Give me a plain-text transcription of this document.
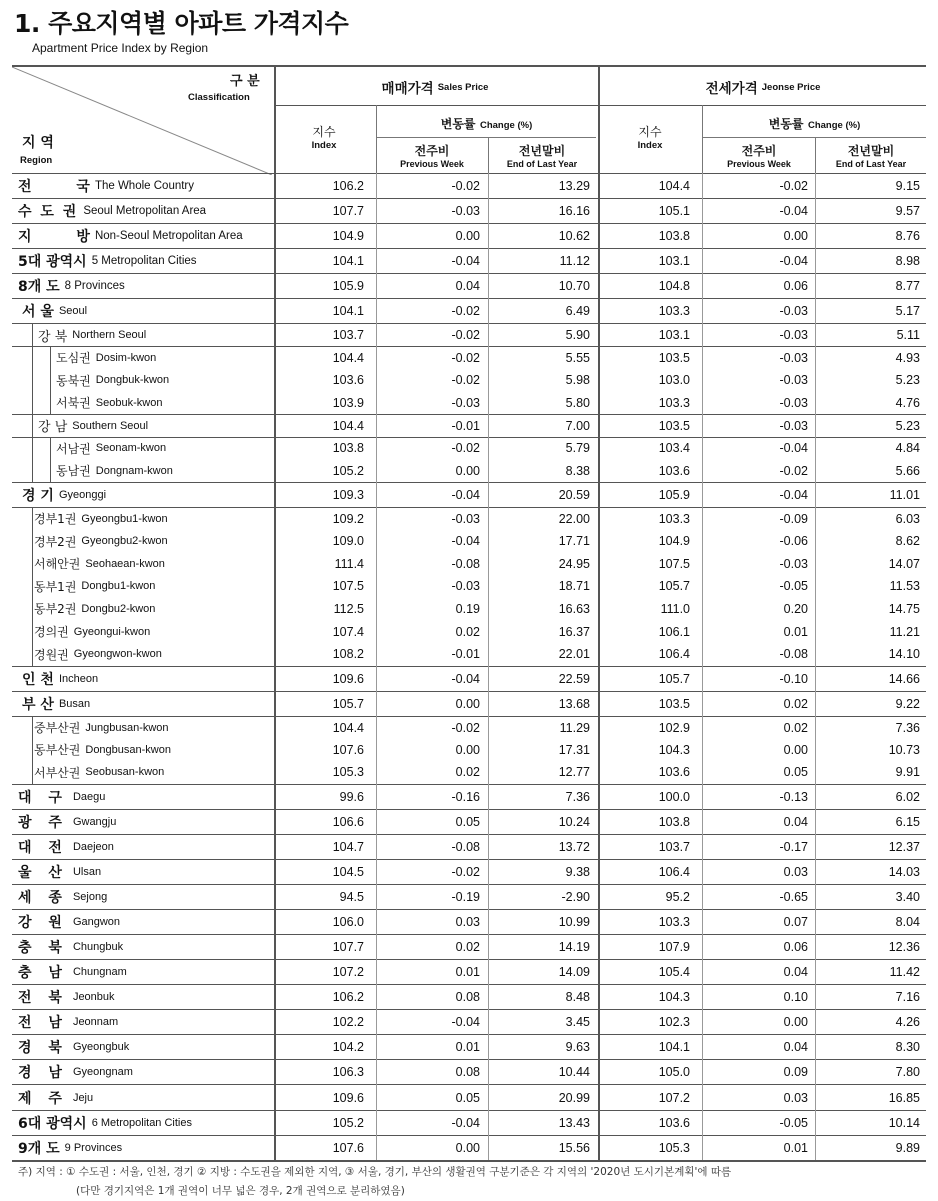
1. 주요지역별 아파트 가격지수
Apartment Price Index by Region
구 분
Classification
지 역
Region
매매가격 Sales Price	전세가격 Jeonse Price
지수
Index
변동률 Change (%)
전주비
Previous Week
전년말비
End of Last Year
지수
Index
변동률 Change (%)
전주비
Previous Week
전년말비
End of Last Year
전 국 The Whole Country	106.2	-0.02	13.29	104.4	-0.02	9.15
수 도 권 Seoul Metropolitan Area	107.7	-0.03	16.16	105.1	-0.04	9.57
지 방 Non-Seoul Metropolitan Area	104.9	0.00	10.62	103.8	0.00	8.76
5대 광역시 5 Metropolitan Cities	104.1	-0.04	11.12	103.1	-0.04	8.98
8개 도 8 Provinces	105.9	0.04	10.70	104.8	0.06	8.77
서 울 Seoul	104.1	-0.02	6.49	103.3	-0.03	5.17
강 북 Northern Seoul	103.7	-0.02	5.90	103.1	-0.03	5.11
도심권 Dosim-kwon	104.4	-0.02	5.55	103.5	-0.03	4.93
동북권 Dongbuk-kwon	103.6	-0.02	5.98	103.0	-0.03	5.23
서북권 Seobuk-kwon	103.9	-0.03	5.80	103.3	-0.03	4.76
강 남 Southern Seoul	104.4	-0.01	7.00	103.5	-0.03	5.23
서남권 Seonam-kwon	103.8	-0.02	5.79	103.4	-0.04	4.84
동남권 Dongnam-kwon	105.2	0.00	8.38	103.6	-0.02	5.66
경 기 Gyeonggi	109.3	-0.04	20.59	105.9	-0.04	11.01
경부1권 Gyeongbu1-kwon	109.2	-0.03	22.00	103.3	-0.09	6.03
경부2권 Gyeongbu2-kwon	109.0	-0.04	17.71	104.9	-0.06	8.62
서해안권 Seohaean-kwon	111.4	-0.08	24.95	107.5	-0.03	14.07
동부1권 Dongbu1-kwon	107.5	-0.03	18.71	105.7	-0.05	11.53
동부2권 Dongbu2-kwon	112.5	0.19	16.63	111.0	0.20	14.75
경의권 Gyeongui-kwon	107.4	0.02	16.37	106.1	0.01	11.21
경원권 Gyeongwon-kwon	108.2	-0.01	22.01	106.4	-0.08	14.10
인 천 Incheon	109.6	-0.04	22.59	105.7	-0.10	14.66
부 산 Busan	105.7	0.00	13.68	103.5	0.02	9.22
중부산권 Jungbusan-kwon	104.4	-0.02	11.29	102.9	0.02	7.36
동부산권 Dongbusan-kwon	107.6	0.00	17.31	104.3	0.00	10.73
서부산권 Seobusan-kwon	105.3	0.02	12.77	103.6	0.05	9.91
대 구 Daegu	99.6	-0.16	7.36	100.0	-0.13	6.02
광 주 Gwangju	106.6	0.05	10.24	103.8	0.04	6.15
대 전 Daejeon	104.7	-0.08	13.72	103.7	-0.17	12.37
울 산 Ulsan	104.5	-0.02	9.38	106.4	0.03	14.03
세 종 Sejong	94.5	-0.19	-2.90	95.2	-0.65	3.40
강 원 Gangwon	106.0	0.03	10.99	103.3	0.07	8.04
충 북 Chungbuk	107.7	0.02	14.19	107.9	0.06	12.36
충 남 Chungnam	107.2	0.01	14.09	105.4	0.04	11.42
전 북 Jeonbuk	106.2	0.08	8.48	104.3	0.10	7.16
전 남 Jeonnam	102.2	-0.04	3.45	102.3	0.00	4.26
경 북 Gyeongbuk	104.2	0.01	9.63	104.1	0.04	8.30
경 남 Gyeongnam	106.3	0.08	10.44	105.0	0.09	7.80
제 주 Jeju	109.6	0.05	20.99	107.2	0.03	16.85
6대 광역시 6 Metropolitan Cities	105.2	-0.04	13.43	103.6	-0.05	10.14
9개 도 9 Provinces	107.6	0.00	15.56	105.3	0.01	9.89
주) 지역 : ① 수도권 : 서울, 인천, 경기 ② 지방 : 수도권을 제외한 지역, ③ 서울, 경기, 부산의 생활권역 구분기준은 각 지역의 '2020년 도시기본계획'에 따름
(다만 경기지역은 1개 권역이 너무 넓은 경우, 2개 권역으로 분리하였음)
